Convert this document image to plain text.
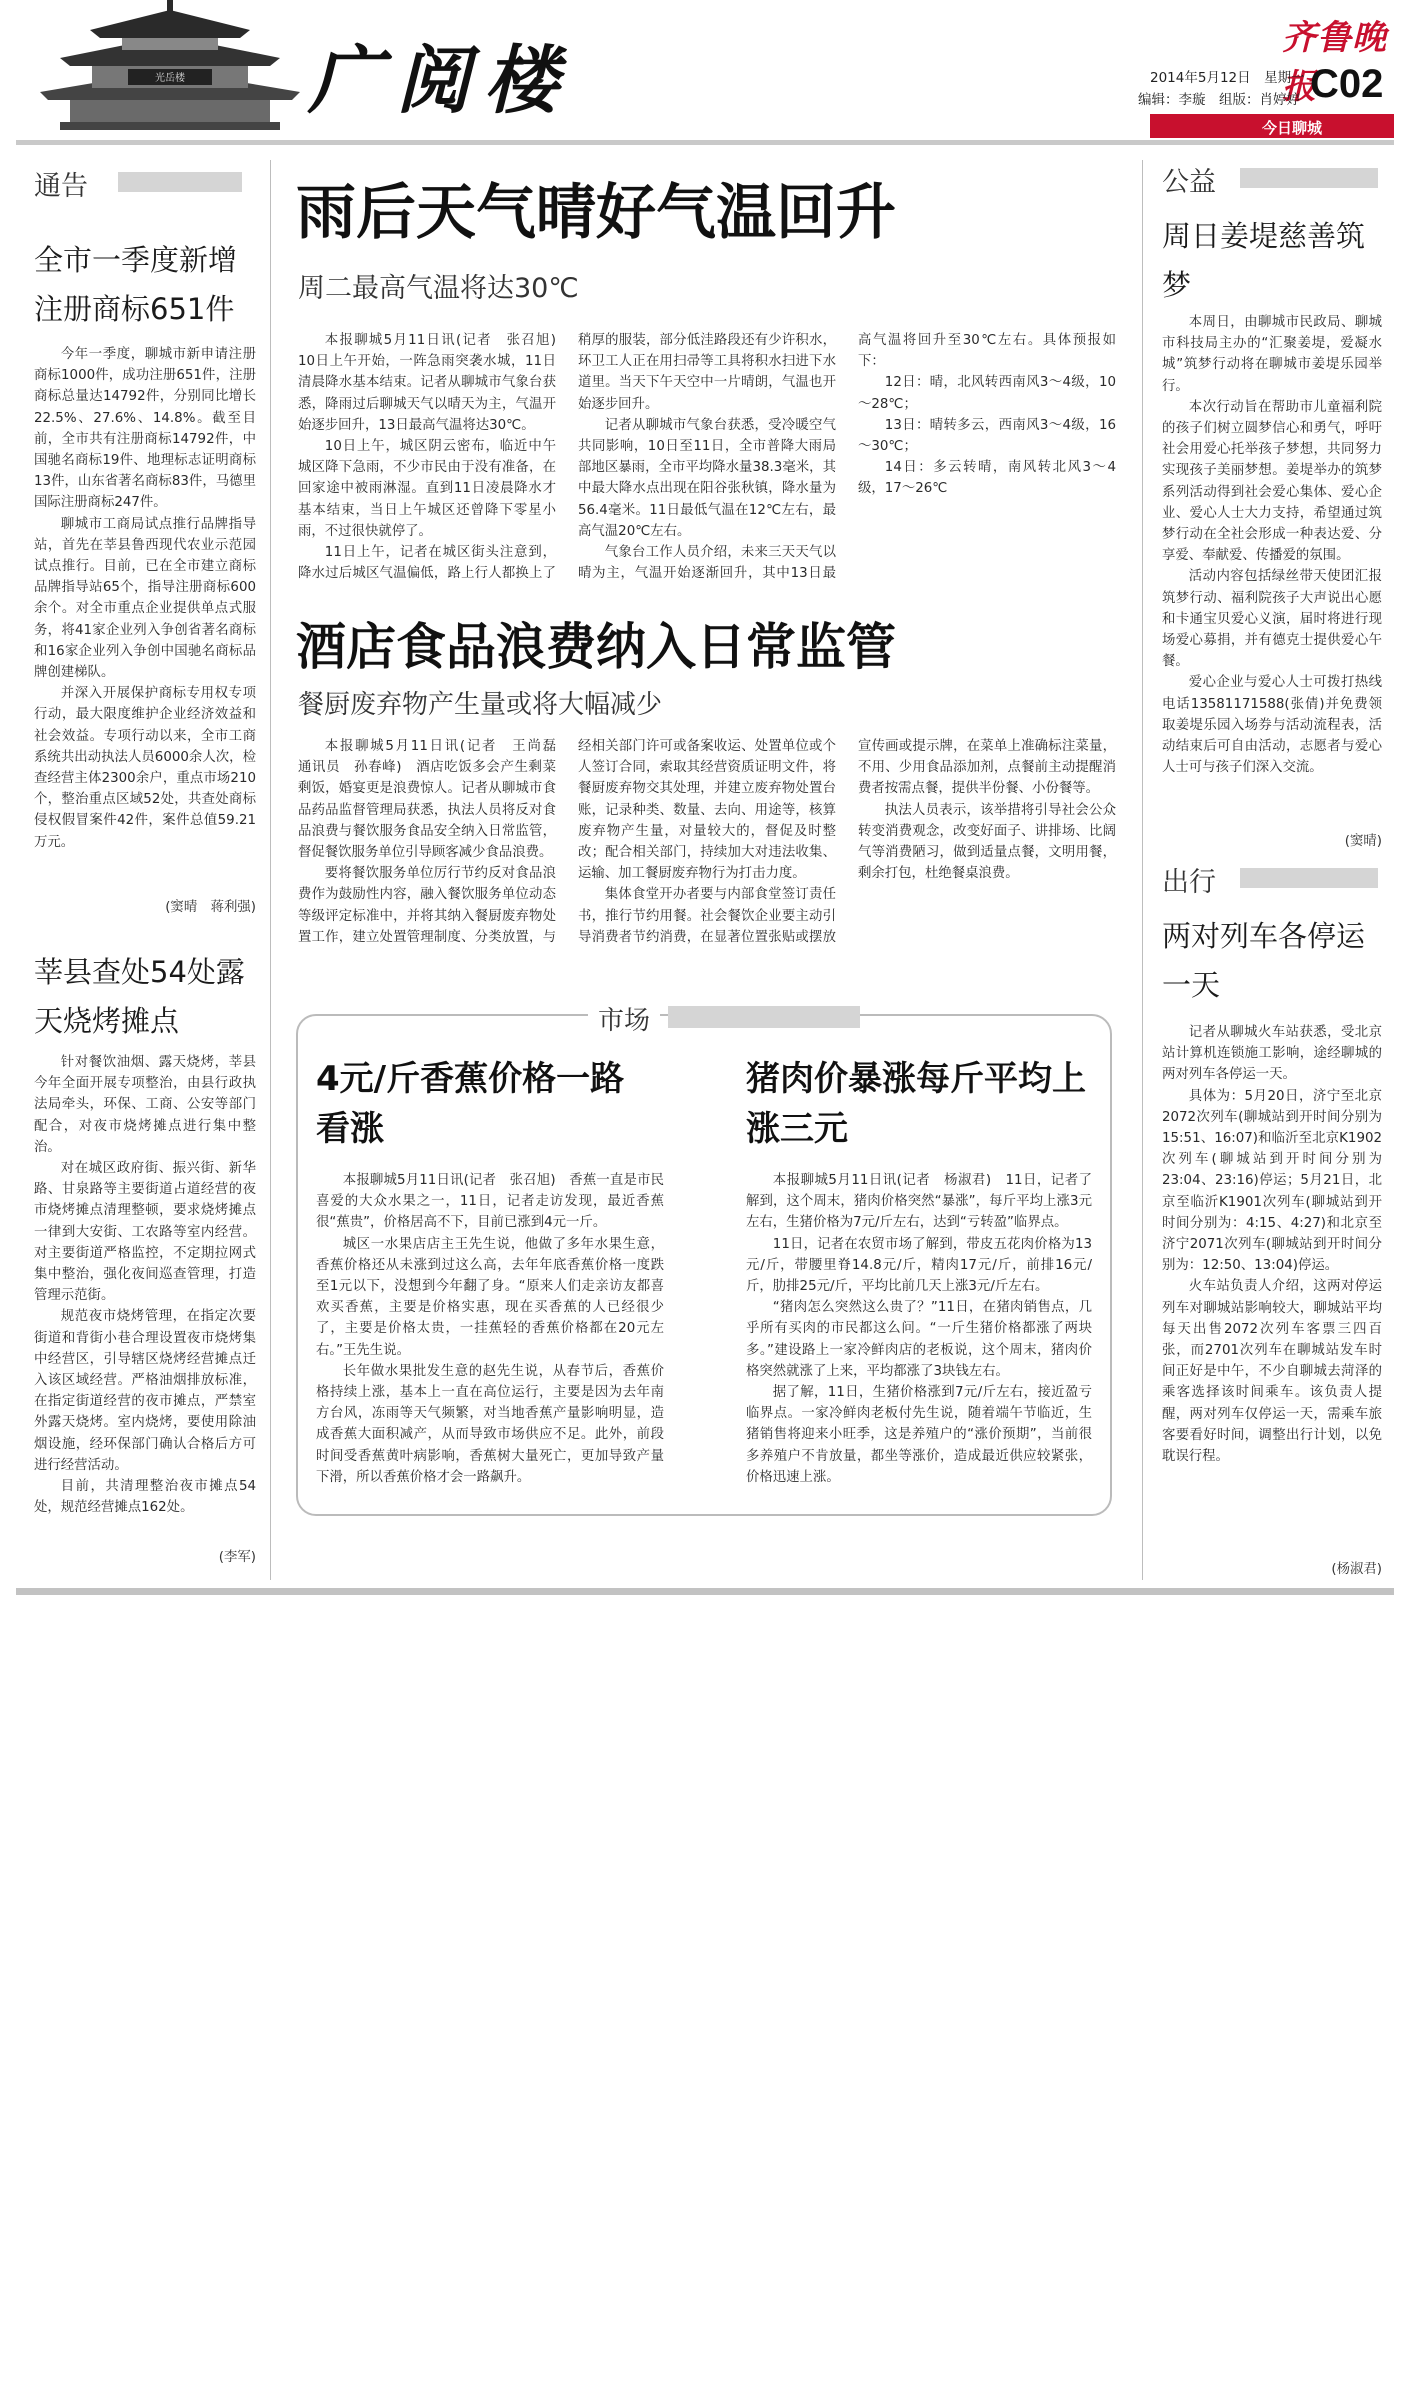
光岳楼 广阅楼	齐鲁晚报
2014年5月12日　星期一
编辑：李璇　组版：肖婷婷 C02
今日聊城
通告
全市一季度新增注册商标651件

今年一季度，聊城市新申请注册商标1000件，成功注册651件，注册商标总量达14792件，分别同比增长22.5%、27.6%、14.8%。截至目前，全市共有注册商标14792件，中国驰名商标19件、地理标志证明商标13件，山东省著名商标83件，马德里国际注册商标247件。

聊城市工商局试点推行品牌指导站，首先在莘县鲁西现代农业示范园试点推行。目前，已在全市建立商标品牌指导站65个，指导注册商标600余个。对全市重点企业提供单点式服务，将41家企业列入争创省著名商标和16家企业列入争创中国驰名商标品牌创建梯队。

并深入开展保护商标专用权专项行动，最大限度维护企业经济效益和社会效益。专项行动以来，全市工商系统共出动执法人员6000余人次，检查经营主体2300余户，重点市场210个，整治重点区域52处，共查处商标侵权假冒案件42件，案件总值59.21万元。

(窦晴　蒋利强)
莘县查处54处露天烧烤摊点

针对餐饮油烟、露天烧烤，莘县今年全面开展专项整治，由县行政执法局牵头，环保、工商、公安等部门配合，对夜市烧烤摊点进行集中整治。

对在城区政府街、振兴街、新华路、甘泉路等主要街道占道经营的夜市烧烤摊点清理整顿，要求烧烤摊点一律到大安街、工农路等室内经营。对主要街道严格监控，不定期拉网式集中整治，强化夜间巡查管理，打造管理示范街。

规范夜市烧烤管理，在指定次要街道和背街小巷合理设置夜市烧烤集中经营区，引导辖区烧烤经营摊点迁入该区域经营。严格油烟排放标准，在指定街道经营的夜市摊点，严禁室外露天烧烤。室内烧烤，要使用除油烟设施，经环保部门确认合格后方可进行经营活动。

目前，共清理整治夜市摊点54处，规范经营摊点162处。

(李军)
雨后天气晴好气温回升
周二最高气温将达30℃

本报聊城5月11日讯(记者　张召旭)　10日上午开始，一阵急雨突袭水城，11日清晨降水基本结束。记者从聊城市气象台获悉，降雨过后聊城天气以晴天为主，气温开始逐步回升，13日最高气温将达30℃。

10日上午，城区阴云密布，临近中午城区降下急雨，不少市民由于没有准备，在回家途中被雨淋湿。直到11日凌晨降水才基本结束，当日上午城区还曾降下零星小雨，不过很快就停了。

11日上午，记者在城区街头注意到，降水过后城区气温偏低，路上行人都换上了稍厚的服装，部分低洼路段还有少许积水，环卫工人正在用扫帚等工具将积水扫进下水道里。当天下午天空中一片晴朗，气温也开始逐步回升。

记者从聊城市气象台获悉，受冷暖空气共同影响，10日至11日，全市普降大雨局部地区暴雨，全市平均降水量38.3毫米，其中最大降水点出现在阳谷张秋镇，降水量为56.4毫米。11日最低气温在12℃左右，最高气温20℃左右。

气象台工作人员介绍，未来三天天气以晴为主，气温开始逐渐回升，其中13日最高气温将回升至30℃左右。具体预报如下：

12日：晴，北风转西南风3～4级，10～28℃；

13日：晴转多云，西南风3～4级，16～30℃；

14日：多云转晴，南风转北风3～4级，17～26℃

酒店食品浪费纳入日常监管
餐厨废弃物产生量或将大幅减少

本报聊城5月11日讯(记者　王尚磊　通讯员　孙春峰)　酒店吃饭多会产生剩菜剩饭，婚宴更是浪费惊人。记者从聊城市食品药品监督管理局获悉，执法人员将反对食品浪费与餐饮服务食品安全纳入日常监管，督促餐饮服务单位引导顾客减少食品浪费。

要将餐饮服务单位厉行节约反对食品浪费作为鼓励性内容，融入餐饮服务单位动态等级评定标准中，并将其纳入餐厨废弃物处置工作，建立处置管理制度、分类放置，与经相关部门许可或备案收运、处置单位或个人签订合同，索取其经营资质证明文件，将餐厨废弃物交其处理，并建立废弃物处置台账，记录种类、数量、去向、用途等，核算废弃物产生量，对量较大的，督促及时整改；配合相关部门，持续加大对违法收集、运输、加工餐厨废弃物行为打击力度。

集体食堂开办者要与内部食堂签订责任书，推行节约用餐。社会餐饮企业要主动引导消费者节约消费，在显著位置张贴或摆放宣传画或提示牌，在菜单上准确标注菜量，不用、少用食品添加剂，点餐前主动提醒消费者按需点餐，提供半份餐、小份餐等。

执法人员表示，该举措将引导社会公众转变消费观念，改变好面子、讲排场、比阔气等消费陋习，做到适量点餐，文明用餐，剩余打包，杜绝餐桌浪费。

市场
4元/斤香蕉价格一路看涨

本报聊城5月11日讯(记者　张召旭)　香蕉一直是市民喜爱的大众水果之一，11日，记者走访发现，最近香蕉很“蕉贵”，价格居高不下，目前已涨到4元一斤。

城区一水果店店主王先生说，他做了多年水果生意，香蕉价格还从未涨到过这么高，去年年底香蕉价格一度跌至1元以下，没想到今年翻了身。“原来人们走亲访友都喜欢买香蕉，主要是价格实惠，现在买香蕉的人已经很少了，主要是价格太贵，一挂蕉轻的香蕉价格都在20元左右。”王先生说。

长年做水果批发生意的赵先生说，从春节后，香蕉价格持续上涨，基本上一直在高位运行，主要是因为去年南方台风，冻雨等天气频繁，对当地香蕉产量影响明显，造成香蕉大面积减产，从而导致市场供应不足。此外，前段时间受香蕉黄叶病影响，香蕉树大量死亡，更加导致产量下滑，所以香蕉价格才会一路飙升。

猪肉价暴涨每斤平均上涨三元

本报聊城5月11日讯(记者　杨淑君)　11日，记者了解到，这个周末，猪肉价格突然“暴涨”，每斤平均上涨3元左右，生猪价格为7元/斤左右，达到“亏转盈”临界点。

11日，记者在农贸市场了解到，带皮五花肉价格为13元/斤，带腰里脊14.8元/斤，精肉17元/斤，前排16元/斤，肋排25元/斤，平均比前几天上涨3元/斤左右。

“猪肉怎么突然这么贵了？”11日，在猪肉销售点，几乎所有买肉的市民都这么问。“一斤生猪价格都涨了两块多。”建设路上一家冷鲜肉店的老板说，这个周末，猪肉价格突然就涨了上来，平均都涨了3块钱左右。

据了解，11日，生猪价格涨到7元/斤左右，接近盈亏临界点。一家冷鲜肉老板付先生说，随着端午节临近，生猪销售将迎来小旺季，这是养殖户的“涨价预期”，当前很多养殖户不肯放量，都坐等涨价，造成最近供应较紧张，价格迅速上涨。

公益
周日姜堤慈善筑梦

本周日，由聊城市民政局、聊城市科技局主办的“汇聚姜堤，爱凝水城”筑梦行动将在聊城市姜堤乐园举行。

本次行动旨在帮助市儿童福利院的孩子们树立圆梦信心和勇气，呼吁社会用爱心托举孩子梦想，共同努力实现孩子美丽梦想。姜堤举办的筑梦系列活动得到社会爱心集体、爱心企业、爱心人士大力支持，希望通过筑梦行动在全社会形成一种表达爱、分享爱、奉献爱、传播爱的氛围。

活动内容包括绿丝带天使团汇报筑梦行动、福利院孩子大声说出心愿和卡通宝贝爱心义演，届时将进行现场爱心募捐，并有德克士提供爱心午餐。

爱心企业与爱心人士可拨打热线电话13581171588(张倩)并免费领取姜堤乐园入场券与活动流程表，活动结束后可自由活动，志愿者与爱心人士可与孩子们深入交流。

(窦晴)
出行
两对列车各停运一天

记者从聊城火车站获悉，受北京站计算机连锁施工影响，途经聊城的两对列车各停运一天。

具体为：5月20日，济宁至北京2072次列车(聊城站到开时间分别为15:51、16:07)和临沂至北京K1902次列车(聊城站到开时间分别为23:04、23:16)停运；5月21日，北京至临沂K1901次列车(聊城站到开时间分别为：4:15、4:27)和北京至济宁2071次列车(聊城站到开时间分别为：12:50、13:04)停运。

火车站负责人介绍，这两对停运列车对聊城站影响较大，聊城站平均每天出售2072次列车客票三四百张，而2701次列车在聊城站发车时间正好是中午，不少自聊城去菏泽的乘客选择该时间乘车。该负责人提醒，两对列车仅停运一天，需乘车旅客要看好时间，调整出行计划，以免耽误行程。

(杨淑君)
